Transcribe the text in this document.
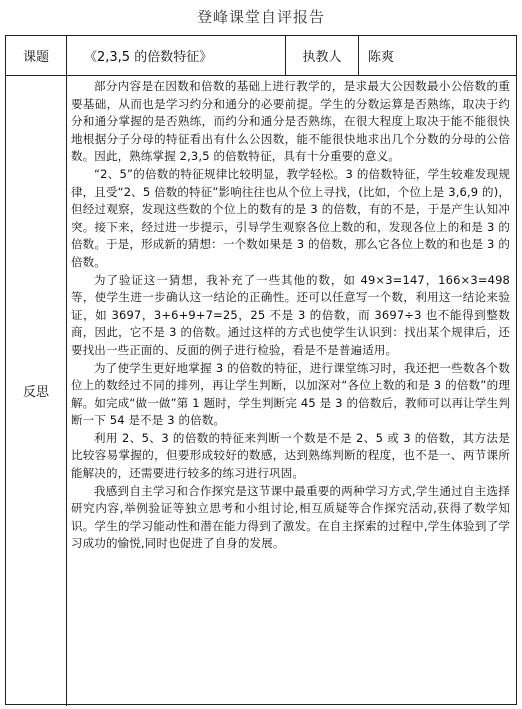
登峰课堂自评报告
课题	《2,3,5 的倍数特征》	执教人	陈爽
反思

部分内容是在因数和倍数的基础上进行教学的，是求最大公因数最小公倍数的重要基础，从而也是学习约分和通分的必要前提。学生的分数运算是否熟练，取决于约分和通分掌握的是否熟练，而约分和通分是否熟练，在很大程度上取决于能不能很快地根据分子分母的特征看出有什么公因数，能不能很快地求出几个分数的分母的公倍数。因此，熟练掌握 2,3,5 的倍数特征，具有十分重要的意义。

“2、5”的倍数的特征规律比较明显，教学轻松。3 的倍数特征，学生较难发现规律，且受“2、5 倍数的特征”影响往往也从个位上寻找，(比如，个位上是 3,6,9 的)，但经过观察，发现这些数的个位上的数有的是 3 的倍数，有的不是，于是产生认知冲突。接下来，经过进一步提示，引导学生观察各位上数的和，发现各位上的和是 3 的倍数。于是，形成新的猜想：一个数如果是 3 的倍数，那么它各位上数的和也是 3 的倍数。

为了验证这一猜想，我补充了一些其他的数，如 49×3=147，166×3=498 等，使学生进一步确认这一结论的正确性。还可以任意写一个数，利用这一结论来验证，如 3697，3+6+9+7=25，25 不是 3 的倍数，而 3697÷3 也不能得到整数商，因此，它不是 3 的倍数。通过这样的方式也使学生认识到：找出某个规律后，还要找出一些正面的、反面的例子进行检验，看是不是普遍适用。

为了使学生更好地掌握 3 的倍数的特征，进行课堂练习时，我还把一些数各个数位上的数经过不同的排列，再让学生判断，以加深对“各位上数的和是 3 的倍数”的理解。如完成“做一做”第 1 题时，学生判断完 45 是 3 的倍数后，教师可以再让学生判断一下 54 是不是 3 的倍数。

利用 2、5、3 的倍数的特征来判断一个数是不是 2、5 或 3 的倍数，其方法是比较容易掌握的，但要形成较好的数感，达到熟练判断的程度，也不是一、两节课所能解决的，还需要进行较多的练习进行巩固。

我感到自主学习和合作探究是这节课中最重要的两种学习方式,学生通过自主选择研究内容,举例验证等独立思考和小组讨论,相互质疑等合作探究活动,获得了数学知识。学生的学习能动性和潜在能力得到了激发。在自主探索的过程中,学生体验到了学习成功的愉悦,同时也促进了自身的发展。
